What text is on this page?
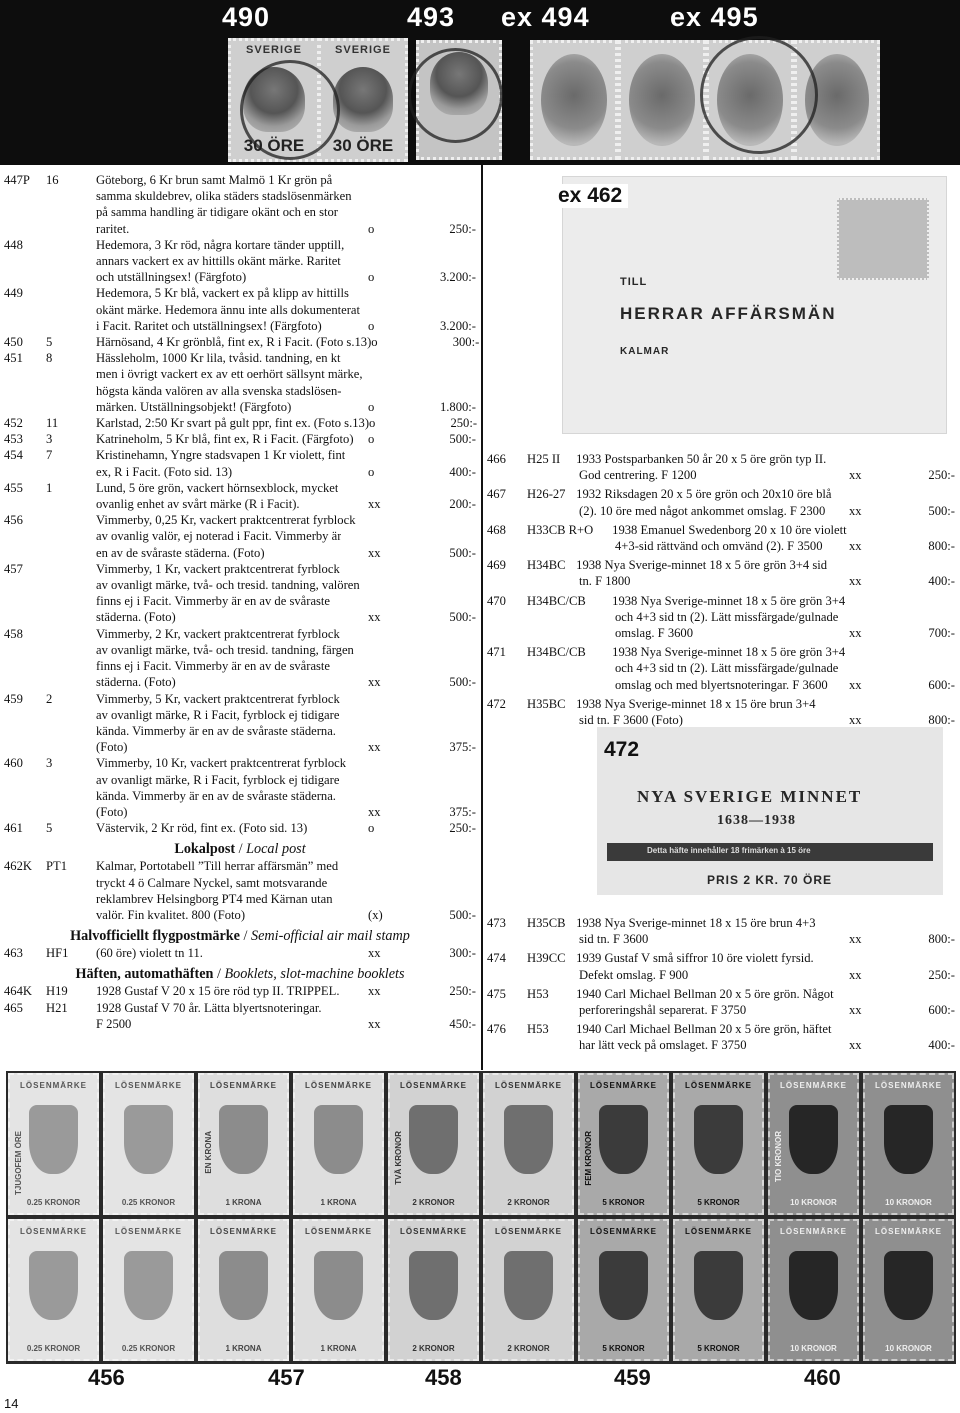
490	493 ex 494	ex 495
SVERIGE
30 ÖRE
SVERIGE
30 ÖRE
447P	16	Göteborg, 6 Kr brun samt Malmö 1 Kr grön på
samma skuldebrev, olika städers stadslösenmärken
på samma handling är tidigare okänt och en stor
raritet.	o	250:-
448	Hedemora, 3 Kr röd, några kortare tänder upptill,
annars vackert ex av hittills okänt märke. Raritet
och utställningsex! (Färgfoto)	o	3.200:-
449	Hedemora, 5 Kr blå, vackert ex på klipp av hittills
okänt märke. Hedemora ännu inte alls dokumenterat
i Facit. Raritet och utställningsex! (Färgfoto)	o	3.200:-
450	5	Härnösand, 4 Kr grönblå, fint ex, R i Facit. (Foto s.13) o	300:-
451	8	Hässleholm, 1000 Kr lila, tvåsid. tandning, en kt
men i övrigt vackert ex av ett oerhört sällsynt märke,
högsta kända valören av alla svenska stadslösen-
märken. Utställningsobjekt! (Färgfoto)	o	1.800:-
452	11	Karlstad, 2:50 Kr svart på gult ppr, fint ex. (Foto s.13) o	250:-
453	3	Katrineholm, 5 Kr blå, fint ex, R i Facit. (Färgfoto) o	500:-
454	7	Kristinehamn, Yngre stadsvapen 1 Kr violett, fint
ex, R i Facit. (Foto sid. 13)	o	400:-
455	1	Lund, 5 öre grön, vackert hörnsexblock, mycket
ovanlig enhet av svårt märke (R i Facit).	xx	200:-
456	Vimmerby, 0,25 Kr, vackert praktcentrerat fyrblock
av ovanlig valör, ej noterad i Facit. Vimmerby är
en av de svåraste städerna. (Foto)	xx	500:-
457	Vimmerby, 1 Kr, vackert praktcentrerat fyrblock
av ovanligt märke, två- och tresid. tandning, valören
finns ej i Facit. Vimmerby är en av de svåraste
städerna. (Foto)	xx	500:-
458	Vimmerby, 2 Kr, vackert praktcentrerat fyrblock
av ovanligt märke, två- och tresid. tandning, färgen
finns ej i Facit. Vimmerby är en av de svåraste
städerna. (Foto)	xx	500:-
459	2	Vimmerby, 5 Kr, vackert praktcentrerat fyrblock
av ovanligt märke, R i Facit, fyrblock ej tidigare
kända. Vimmerby är en av de svåraste städerna.
(Foto)	xx	375:-
460	3	Vimmerby, 10 Kr, vackert praktcentrerat fyrblock
av ovanligt märke, R i Facit, fyrblock ej tidigare
kända. Vimmerby är en av de svåraste städerna.
(Foto)	xx	375:-
461	5	Västervik, 2 Kr röd, fint ex. (Foto sid. 13)	o	250:-
Lokalpost / Local post
462K	PT1	Kalmar, Portotabell ”Till herrar affärsmän” med
tryckt 4 ö Calmare Nyckel, samt motsvarande
reklambrev Helsingborg PT4 med Kärnan utan
valör. Fin kvalitet. 800 (Foto)	(x)	500:-
Halvofficiellt flygpostmärke / Semi-official air mail stamp
463	HF1	(60 öre) violett tn 11.	xx	300:-
Häften, automathäften / Booklets, slot-machine booklets
464K	H19	1928 Gustaf V 20 x 15 öre röd typ II. TRIPPEL. xx	250:-
465	H21	1928 Gustaf V 70 år. Lätta blyertsnoteringar.
F 2500	xx	450:-
TILL
HERRAR AFFÄRSMÄN
KALMAR
ex 462
466	H25 II 1933 Postsparbanken 50 år 20 x 5 öre grön typ II.
God centrering. F 1200	xx	250:-
467	H26-27 1932 Riksdagen 20 x 5 öre grön och 20x10 öre blå
(2). 10 öre med något ankommet omslag. F 2300 xx	500:-
468	H33CB R+O 1938 Emanuel Swedenborg 20 x 10 öre violett
4+3-sid rättvänd och omvänd (2). F 3500 xx	800:-
469	H34BC 1938 Nya Sverige-minnet 18 x 5 öre grön 3+4 sid
tn. F 1800	xx	400:-
470	H34BC/CB 1938 Nya Sverige-minnet 18 x 5 öre grön 3+4
och 4+3 sid tn (2). Lätt missfärgade/gulnade
omslag. F 3600	xx	700:-
471	H34BC/CB 1938 Nya Sverige-minnet 18 x 5 öre grön 3+4
och 4+3 sid tn (2). Lätt missfärgade/gulnade
omslag och med blyertsnoteringar. F 3600 xx	600:-
472	H35BC 1938 Nya Sverige-minnet 18 x 15 öre brun 3+4
sid tn. F 3600 (Foto)	xx	800:-
NYA SVERIGE MINNET
1638—1938
Detta häfte innehåller 18 frimärken à 15 öre
PRIS 2 KR. 70 ÖRE
472
473	H35CB 1938 Nya Sverige-minnet 18 x 15 öre brun 4+3
sid tn. F 3600	xx	800:-
474	H39CC 1939 Gustaf V små siffror 10 öre violett fyrsid.
Defekt omslag. F 900	xx	250:-
475	H53 1940 Carl Michael Bellman 20 x 5 öre grön. Något
perforeringshål separerat. F 3750	xx	600:-
476	H53 1940 Carl Michael Bellman 20 x 5 öre grön, häftet
har lätt veck på omslaget. F 3750	xx	400:-
LÖSENMÄRKE
0.25 KRONOR
LÖSENMÄRKE
0.25 KRONOR
LÖSENMÄRKE
0.25 KRONOR
LÖSENMÄRKE
0.25 KRONOR
LÖSENMÄRKE
1 KRONA
LÖSENMÄRKE
1 KRONA
LÖSENMÄRKE
1 KRONA
LÖSENMÄRKE
1 KRONA
LÖSENMÄRKE
2 KRONOR
LÖSENMÄRKE
2 KRONOR
LÖSENMÄRKE
2 KRONOR
LÖSENMÄRKE
2 KRONOR
LÖSENMÄRKE
5 KRONOR
LÖSENMÄRKE
5 KRONOR
LÖSENMÄRKE
5 KRONOR
LÖSENMÄRKE
5 KRONOR
LÖSENMÄRKE
10 KRONOR
LÖSENMÄRKE
10 KRONOR
LÖSENMÄRKE
10 KRONOR
LÖSENMÄRKE
10 KRONOR
TJUGOFEM ÖRE	EN KRONA	TVÅ KRONOR	FEM KRONOR	TIO KRONOR
456	457	458	459	460
14
